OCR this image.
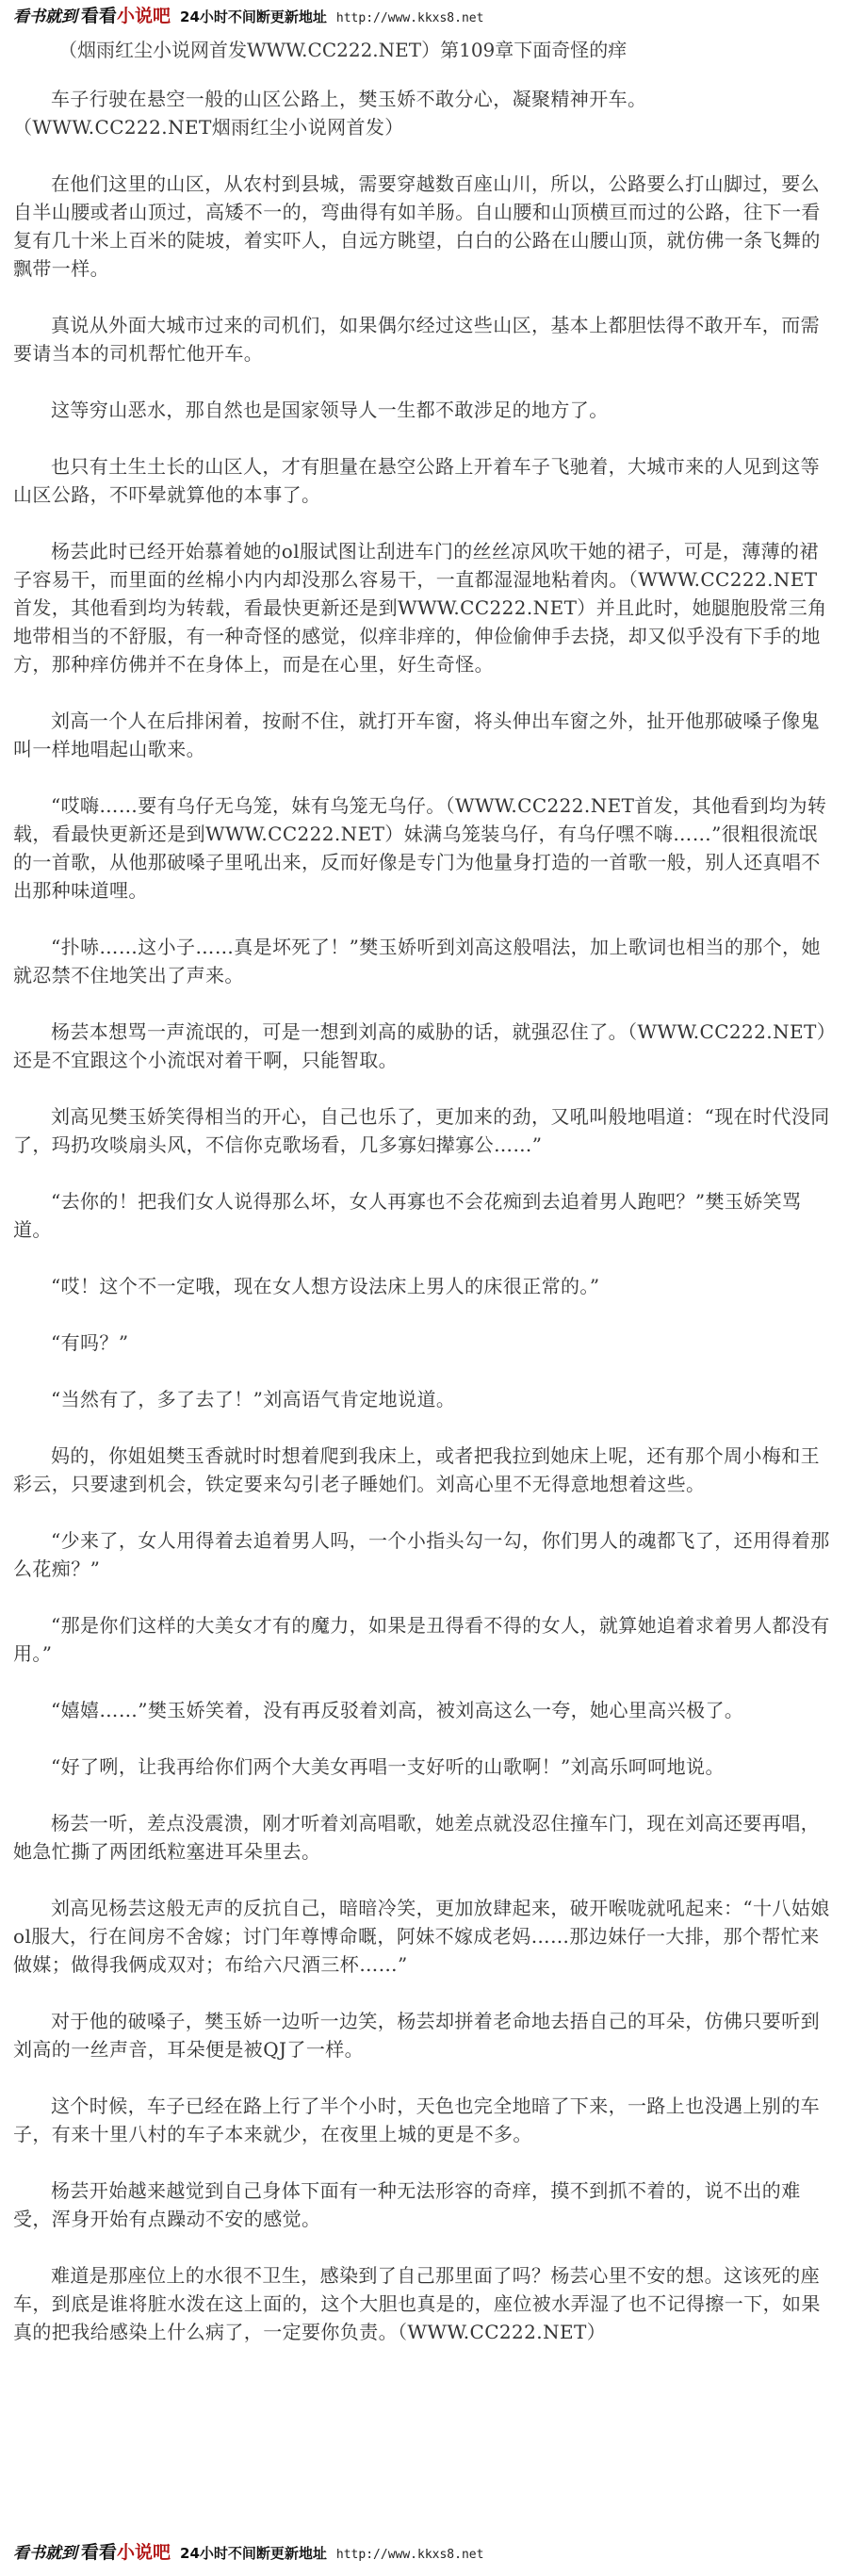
看书就到 看看小说吧 24小时不间断更新地址 http://www.kkxs8.net
（烟雨红尘小说网首发WWW.CC222.NET）第109章下面奇怪的痒

车子行驶在悬空一般的山区公路上，樊玉娇不敢分心，凝聚精神开车。（WWW.CC222.NET烟雨红尘小说网首发）

在他们这里的山区，从农村到县城，需要穿越数百座山川，所以，公路要么打山脚过，要么自半山腰或者山顶过，高矮不一的，弯曲得有如羊肠。自山腰和山顶横亘而过的公路，往下一看复有几十米上百米的陡坡，着实吓人，自远方眺望，白白的公路在山腰山顶，就仿佛一条飞舞的飘带一样。

真说从外面大城市过来的司机们，如果偶尔经过这些山区，基本上都胆怯得不敢开车，而需要请当本的司机帮忙他开车。

这等穷山恶水，那自然也是国家领导人一生都不敢涉足的地方了。

也只有土生土长的山区人，才有胆量在悬空公路上开着车子飞驰着，大城市来的人见到这等山区公路，不吓晕就算他的本事了。

杨芸此时已经开始慕着她的ol服试图让刮进车门的丝丝凉风吹干她的裙子，可是，薄薄的裙子容易干，而里面的丝棉小内内却没那么容易干，一直都湿湿地粘着肉。（WWW.CC222.NET首发，其他看到均为转载，看最快更新还是到WWW.CC222.NET）并且此时，她腿胞股常三角地带相当的不舒服，有一种奇怪的感觉，似痒非痒的，伸俭偷伸手去挠，却又似乎没有下手的地方，那种痒仿佛并不在身体上，而是在心里，好生奇怪。

刘高一个人在后排闲着，按耐不住，就打开车窗，将头伸出车窗之外，扯开他那破嗓子像鬼叫一样地唱起山歌来。

“哎嗨……要有乌仔无乌笼，妹有乌笼无乌仔。（WWW.CC222.NET首发，其他看到均为转载，看最快更新还是到WWW.CC222.NET）妹满乌笼装乌仔，有乌仔嘿不嗨……”很粗很流氓的一首歌，从他那破嗓子里吼出来，反而好像是专门为他量身打造的一首歌一般，别人还真唱不出那种味道哩。

“扑哧……这小子……真是坏死了！”樊玉娇听到刘高这般唱法，加上歌词也相当的那个，她就忍禁不住地笑出了声来。

杨芸本想骂一声流氓的，可是一想到刘高的威胁的话，就强忍住了。（WWW.CC222.NET）还是不宜跟这个小流氓对着干啊，只能智取。

刘高见樊玉娇笑得相当的开心，自己也乐了，更加来的劲，又吼叫般地唱道：“现在时代没同了，玛扔攻啖扇头风，不信你克歌场看，几多寡妇撵寡公……”

“去你的！把我们女人说得那么坏，女人再寡也不会花痴到去追着男人跑吧？”樊玉娇笑骂道。

“哎！这个不一定哦，现在女人想方设法床上男人的床很正常的。”

“有吗？”

“当然有了，多了去了！”刘高语气肯定地说道。

妈的，你姐姐樊玉香就时时想着爬到我床上，或者把我拉到她床上呢，还有那个周小梅和王彩云，只要逮到机会，铁定要来勾引老子睡她们。刘高心里不无得意地想着这些。

“少来了，女人用得着去追着男人吗，一个小指头勾一勾，你们男人的魂都飞了，还用得着那么花痴？”

“那是你们这样的大美女才有的魔力，如果是丑得看不得的女人，就算她追着求着男人都没有用。”

“嬉嬉……”樊玉娇笑着，没有再反驳着刘高，被刘高这么一夸，她心里高兴极了。

“好了咧，让我再给你们两个大美女再唱一支好听的山歌啊！”刘高乐呵呵地说。

杨芸一听，差点没震溃，刚才听着刘高唱歌，她差点就没忍住撞车门，现在刘高还要再唱，她急忙撕了两团纸粒塞进耳朵里去。

刘高见杨芸这般无声的反抗自己，暗暗冷笑，更加放肆起来，破开喉咙就吼起来：“十八姑娘ol服大，行在间房不舍嫁；讨门年尊博命嘅，阿妹不嫁成老妈……那边妹仔一大排，那个帮忙来做媒；做得我俩成双对；布给六尺酒三杯……”

对于他的破嗓子，樊玉娇一边听一边笑，杨芸却拼着老命地去捂自己的耳朵，仿佛只要听到刘高的一丝声音，耳朵便是被QJ了一样。

这个时候，车子已经在路上行了半个小时，天色也完全地暗了下来，一路上也没遇上别的车子，有来十里八村的车子本来就少，在夜里上城的更是不多。

杨芸开始越来越觉到自己身体下面有一种无法形容的奇痒，摸不到抓不着的，说不出的难受，浑身开始有点躁动不安的感觉。

难道是那座位上的水很不卫生，感染到了自己那里面了吗？杨芸心里不安的想。这该死的座车，到底是谁将脏水泼在这上面的，这个大胆也真是的，座位被水弄湿了也不记得擦一下，如果真的把我给感染上什么病了，一定要你负责。（WWW.CC222.NET）

看书就到 看看小说吧 24小时不间断更新地址 http://www.kkxs8.net
